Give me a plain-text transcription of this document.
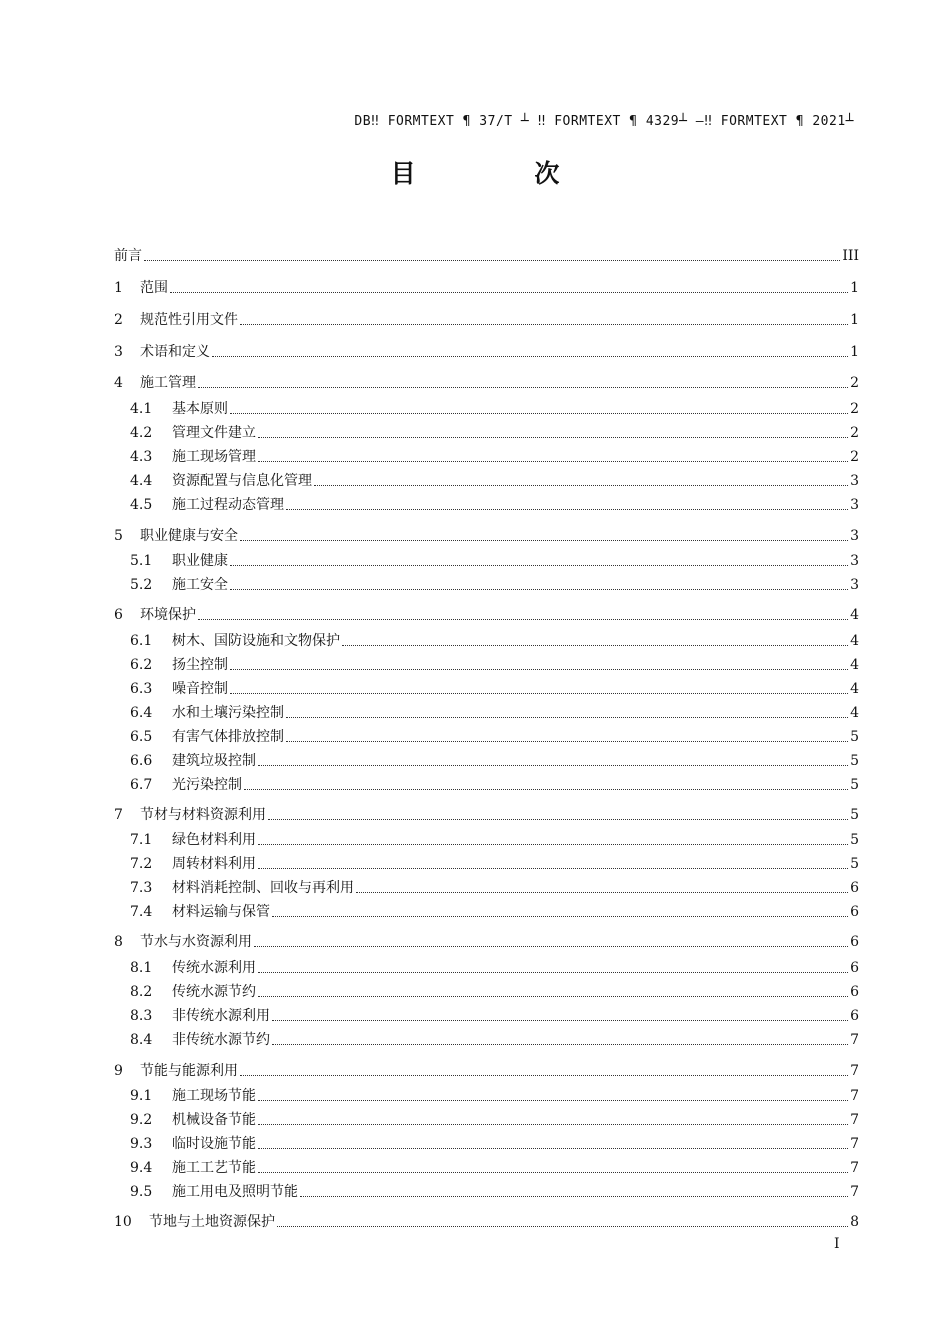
DB‼ FORMTEXT ¶ 37/T ┴ ‼ FORMTEXT ¶ 4329┴ —‼ FORMTEXT ¶ 2021┴
目 次
前言	III
1	范围	1
2	规范性引用文件	1
3	术语和定义	1
4	施工管理	2
4.1	基本原则	2
4.2	管理文件建立	2
4.3	施工现场管理	2
4.4	资源配置与信息化管理	3
4.5	施工过程动态管理	3
5	职业健康与安全	3
5.1	职业健康	3
5.2	施工安全	3
6	环境保护	4
6.1	树木、国防设施和文物保护	4
6.2	扬尘控制	4
6.3	噪音控制	4
6.4	水和土壤污染控制	4
6.5	有害气体排放控制	5
6.6	建筑垃圾控制	5
6.7	光污染控制	5
7	节材与材料资源利用	5
7.1	绿色材料利用	5
7.2	周转材料利用	5
7.3	材料消耗控制、回收与再利用	6
7.4	材料运输与保管	6
8	节水与水资源利用	6
8.1	传统水源利用	6
8.2	传统水源节约	6
8.3	非传统水源利用	6
8.4	非传统水源节约	7
9	节能与能源利用	7
9.1	施工现场节能	7
9.2	机械设备节能	7
9.3	临时设施节能	7
9.4	施工工艺节能	7
9.5	施工用电及照明节能	7
10	节地与土地资源保护	8
I
